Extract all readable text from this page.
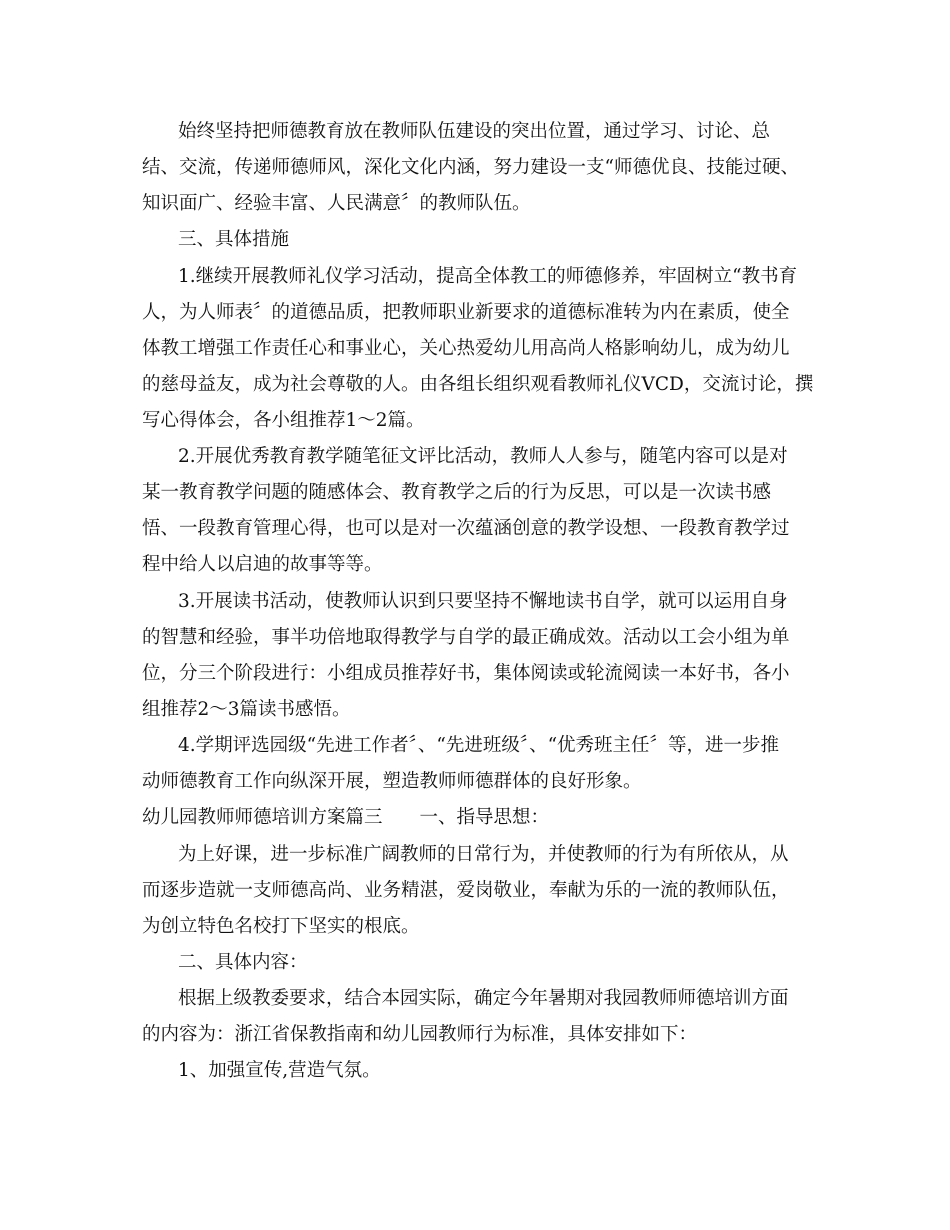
始终坚持把师德教育放在教师队伍建设的突出位置，通过学习、讨论、总

结、交流，传递师德师风，深化文化内涵，努力建设一支“师德优良、技能过硬、

知识面广、经验丰富、人民满意〞的教师队伍。

三、具体措施

1.继续开展教师礼仪学习活动，提高全体教工的师德修养，牢固树立“教书育

人，为人师表〞的道德品质，把教师职业新要求的道德标准转为内在素质，使全

体教工增强工作责任心和事业心，关心热爱幼儿用高尚人格影响幼儿，成为幼儿

的慈母益友，成为社会尊敬的人。由各组长组织观看教师礼仪VCD，交流讨论，撰

写心得体会，各小组推荐1～2篇。

2.开展优秀教育教学随笔征文评比活动，教师人人参与，随笔内容可以是对

某一教育教学问题的随感体会、教育教学之后的行为反思，可以是一次读书感

悟、一段教育管理心得，也可以是对一次蕴涵创意的教学设想、一段教育教学过

程中给人以启迪的故事等等。

3.开展读书活动，使教师认识到只要坚持不懈地读书自学，就可以运用自身

的智慧和经验，事半功倍地取得教学与自学的最正确成效。活动以工会小组为单

位，分三个阶段进行：小组成员推荐好书，集体阅读或轮流阅读一本好书，各小

组推荐2～3篇读书感悟。

4.学期评选园级“先进工作者〞、“先进班级〞、“优秀班主任〞等，进一步推

动师德教育工作向纵深开展，塑造教师师德群体的良好形象。

幼儿园教师师德培训方案篇三　　一、指导思想：

为上好课，进一步标准广阔教师的日常行为，并使教师的行为有所依从，从

而逐步造就一支师德高尚、业务精湛，爱岗敬业，奉献为乐的一流的教师队伍，

为创立特色名校打下坚实的根底。

二、具体内容：

根据上级教委要求，结合本园实际，确定今年暑期对我园教师师德培训方面

的内容为：浙江省保教指南和幼儿园教师行为标准，具体安排如下：

1、加强宣传,营造气氛。
